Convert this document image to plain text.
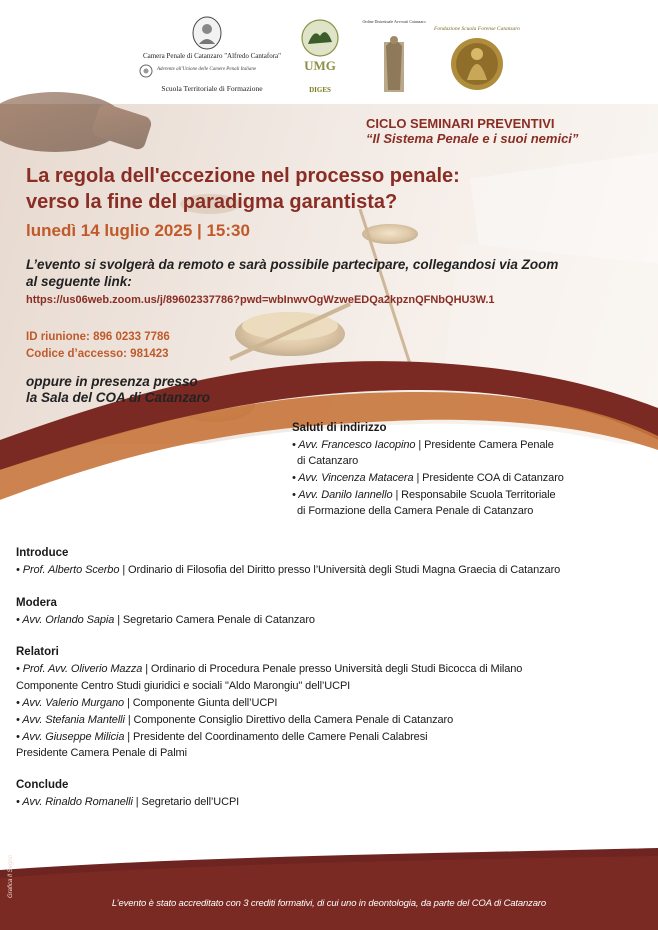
Camera Penale di Catanzaro "Alfredo Cantafora"
Aderente all'Unione delle Camere Penali Italiane
Scuola Territoriale di Formazione
UMG
DIGES
Ordine Distrettuale Avvocati Catanzaro
Fondazione Scuola Forense Catanzaro
CICLO SEMINARI PREVENTIVI
“Il Sistema Penale e i suoi nemici”
La regola dell'eccezione nel processo penale:
verso la fine del paradigma garantista?
lunedì 14 luglio 2025 | 15:30
L’evento si svolgerà da remoto e sarà possibile partecipare, collegandosi via Zoom
al seguente link:
https://us06web.zoom.us/j/89602337786?pwd=wbInwvOgWzweEDQa2kpznQFNbQHU3W.1
ID riunione: 896 0233 7786
Codice d’accesso: 981423
oppure in presenza presso
la Sala del COA di Catanzaro
Saluti di indirizzo
• Avv. Francesco Iacopino | Presidente Camera Penale
di Catanzaro
• Avv. Vincenza Matacera | Presidente COA di Catanzaro
• Avv. Danilo Iannello | Responsabile Scuola Territoriale
di Formazione della Camera Penale di Catanzaro
Introduce
• Prof. Alberto Scerbo | Ordinario di Filosofia del Diritto presso l’Università degli Studi Magna Graecia di Catanzaro
Modera
• Avv. Orlando Sapia | Segretario Camera Penale di Catanzaro
Relatori
• Prof. Avv. Oliverio Mazza | Ordinario di Procedura Penale presso Università degli Studi Bicocca di Milano
Componente Centro Studi giuridici e sociali "Aldo Marongiu" dell’UCPI
• Avv. Valerio Murgano | Componente Giunta dell’UCPI
• Avv. Stefania Mantelli | Componente Consiglio Direttivo della Camera Penale di Catanzaro
• Avv. Giuseppe Milicia | Presidente del Coordinamento delle Camere Penali Calabresi
Presidente Camera Penale di Palmi
Conclude
• Avv. Rinaldo Romanelli | Segretario dell’UCPI
L’evento è stato accreditato con 3 crediti formativi, di cui uno in deontologia, da parte del COA di Catanzaro
Grafica Il Segno
